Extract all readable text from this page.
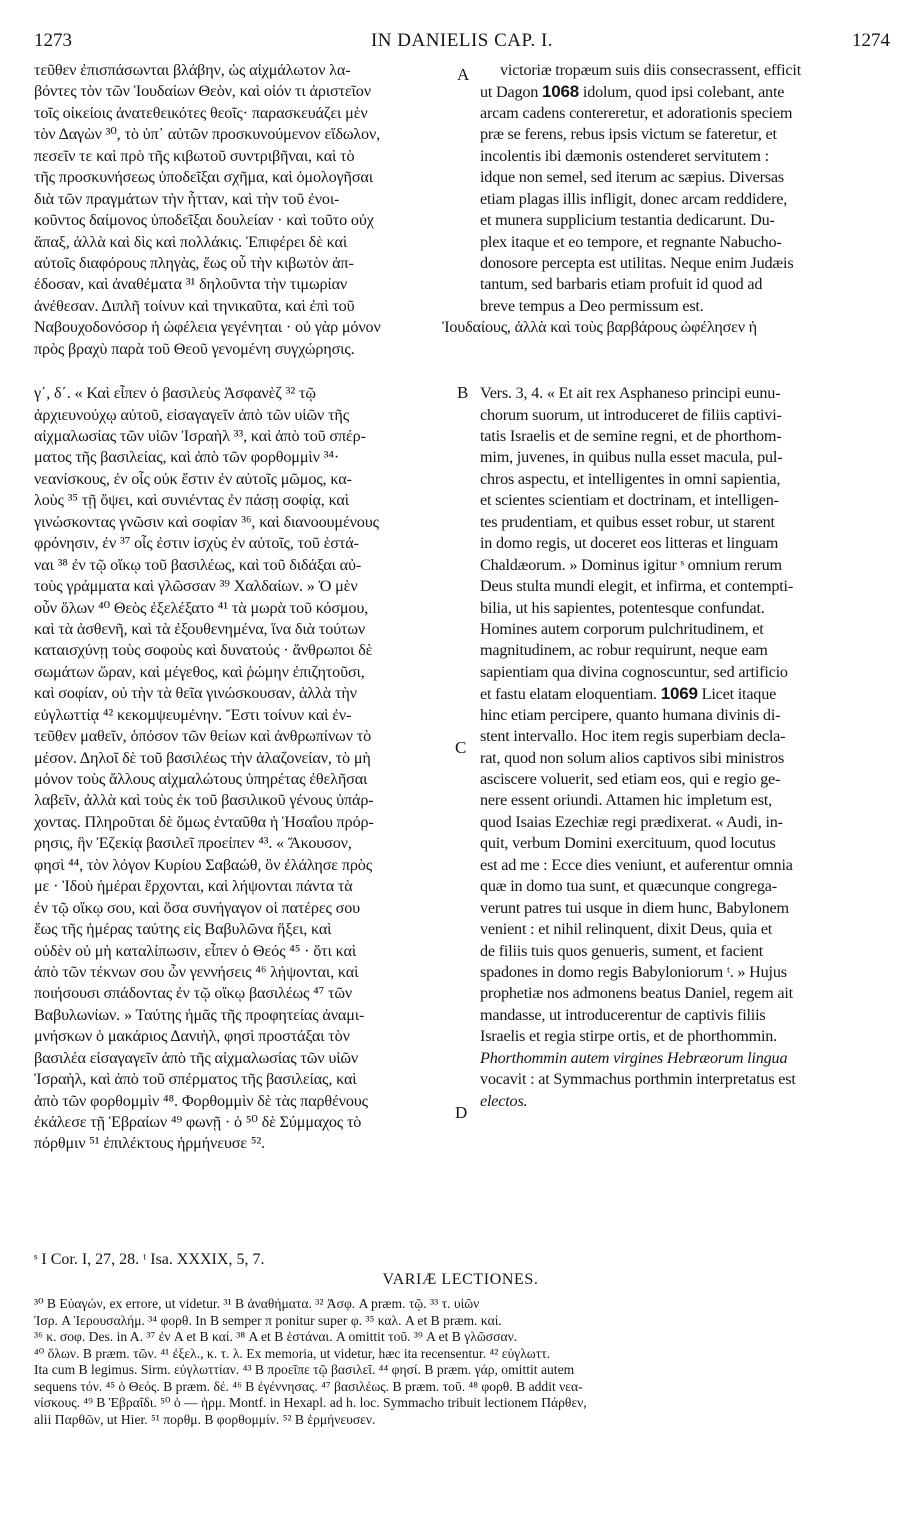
1273	IN DANIELIS CAP. I.	1274
τεῦθεν ἐπισπάσωνται βλάβην, ὡς αἰχμάλωτον λα-
βόντες τὸν τῶν Ἰουδαίων Θεὸν, καὶ οἱόν τι ἀριστεῖον
τοῖς οἰκείοις ἀνατεθεικότες θεοῖς· παρασκευάζει μὲν
τὸν Δαγὼν ³⁰, τὸ ὑπ᾽ αὐτῶν προσκυνούμενον εἴδωλον,
πεσεῖν τε καὶ πρὸ τῆς κιβωτοῦ συντριβῆναι, καὶ τὸ
τῆς προσκυνήσεως ὑποδεῖξαι σχῆμα, καὶ ὁμολογῆσαι
διὰ τῶν πραγμάτων τὴν ἧτταν, καὶ τὴν τοῦ ἐνοι-
κοῦντος δαίμονος ὑποδεῖξαι δουλείαν · καὶ τοῦτο οὐχ
ἅπαξ, ἀλλὰ καὶ δὶς καὶ πολλάκις. Ἐπιφέρει δὲ καὶ
αὐτοῖς διαφόρους πληγὰς, ἕως οὗ τὴν κιβωτὸν ἀπ-
έδοσαν, καὶ ἀναθέματα ³¹ δηλοῦντα τὴν τιμωρίαν
ἀνέθεσαν. Διπλῆ τοίνυν καὶ τηνικαῦτα, καὶ ἐπὶ τοῦ
Ναβουχοδονόσορ ἡ ὠφέλεια γεγένηται · οὐ γὰρ μόνον
πρὸς βραχὺ παρὰ τοῦ Θεοῦ γενομένη συγχώρησις.
γ΄, δ΄. « Καὶ εἶπεν ὁ βασιλεὺς Ἀσφανὲζ ³² τῷ
ἀρχιευνούχῳ αὐτοῦ, εἰσαγαγεῖν ἀπὸ τῶν υἱῶν τῆς
αἰχμαλωσίας τῶν υἱῶν Ἰσραὴλ ³³, καὶ ἀπὸ τοῦ σπέρ-
ματος τῆς βασιλείας, καὶ ἀπὸ τῶν φορθομμὶν ³⁴·
νεανίσκους, ἐν οἷς οὐκ ἔστιν ἐν αὐτοῖς μῶμος, κα-
λοὺς ³⁵ τῇ ὄψει, καὶ συνιέντας ἐν πάσῃ σοφίᾳ, καὶ
γινώσκοντας γνῶσιν καὶ σοφίαν ³⁶, καὶ διανοουμένους
φρόνησιν, ἐν ³⁷ οἷς ἐστιν ἰσχὺς ἐν αὐτοῖς, τοῦ ἑστά-
ναι ³⁸ ἐν τῷ οἴκῳ τοῦ βασιλέως, καὶ τοῦ διδάξαι αὐ-
τοὺς γράμματα καὶ γλῶσσαν ³⁹ Χαλδαίων. » Ὁ μὲν
οὖν ὅλων ⁴⁰ Θεὸς ἐξελέξατο ⁴¹ τὰ μωρὰ τοῦ κόσμου,
καὶ τὰ ἀσθενῆ, καὶ τὰ ἐξουθενημένα, ἵνα διὰ τούτων
καταισχύνῃ τοὺς σοφοὺς καὶ δυνατούς · ἄνθρωποι δὲ
σωμάτων ὥραν, καὶ μέγεθος, καὶ ῥώμην ἐπιζητοῦσι,
καὶ σοφίαν, οὐ τὴν τὰ θεῖα γινώσκουσαν, ἀλλὰ τὴν
εὐγλωττίᾳ ⁴² κεκομψευμένην. Ἔστι τοίνυν καὶ ἐν-
τεῦθεν μαθεῖν, ὁπόσον τῶν θείων καὶ ἀνθρωπίνων τὸ
μέσον. Δηλοῖ δὲ τοῦ βασιλέως τὴν ἀλαζονείαν, τὸ μὴ
μόνον τοὺς ἄλλους αἰχμαλώτους ὑπηρέτας ἐθελῆσαι
λαβεῖν, ἀλλὰ καὶ τοὺς ἐκ τοῦ βασιλικοῦ γένους ὑπάρ-
χοντας. Πληροῦται δὲ ὅμως ἐνταῦθα ἡ Ἡσαΐου πρόρ-
ρησις, ἣν Ἐζεκίᾳ βασιλεῖ προείπεν ⁴³. « Ἄκουσον,
φησὶ ⁴⁴, τὸν λόγον Κυρίου Σαβαώθ, ὃν ἐλάλησε πρὸς
με · Ἰδοὺ ἡμέραι ἔρχονται, καὶ λήψονται πάντα τὰ
ἐν τῷ οἴκῳ σου, καὶ ὅσα συνήγαγον οἱ πατέρες σου
ἕως τῆς ἡμέρας ταύτης εἰς Βαβυλῶνα ἥξει, καὶ
οὐδὲν οὐ μὴ καταλίπωσιν, εἶπεν ὁ Θεός ⁴⁵ · ὅτι καὶ
ἀπὸ τῶν τέκνων σου ὧν γεννήσεις ⁴⁶ λήψονται, καὶ
ποιήσουσι σπάδοντας ἐν τῷ οἴκῳ βασιλέως ⁴⁷ τῶν
Βαβυλωνίων. » Ταύτης ἡμᾶς τῆς προφητείας ἀναμι-
μνήσκων ὁ μακάριος Δανιὴλ, φησὶ προστάξαι τὸν
βασιλέα εἰσαγαγεῖν ἀπὸ τῆς αἰχμαλωσίας τῶν υἱῶν
Ἰσραὴλ, καὶ ἀπὸ τοῦ σπέρματος τῆς βασιλείας, καὶ
ἀπὸ τῶν φορθομμὶν ⁴⁸. Φορθομμὶν δὲ τὰς παρθένους
ἐκάλεσε τῇ Ἑβραίων ⁴⁹ φωνῇ · ὁ ⁵⁰ δὲ Σύμμαχος τὸ
πόρθμιν ⁵¹ ἐπιλέκτους ἡρμήνευσε ⁵².
A
B
C
D
victoriæ tropæum suis diis consecrassent, efficit
ut Dagon 1068 idolum, quod ipsi colebant, ante
arcam cadens contereretur, et adorationis speciem
præ se ferens, rebus ipsis victum se fateretur, et
incolentis ibi dæmonis ostenderet servitutem :
idque non semel, sed iterum ac sæpius. Diversas
etiam plagas illis infligit, donec arcam reddidere,
et munera supplicium testantia dedicarunt. Du-
plex itaque et eo tempore, et regnante Nabucho-
donosore percepta est utilitas. Neque enim Judæis
tantum, sed barbaris etiam profuit id quod ad
breve tempus a Deo permissum est.
Ἰουδαίους, ἀλλὰ καὶ τοὺς βαρβάρους ὠφέλησεν ἡ
Vers. 3, 4. « Et ait rex Asphaneso principi eunu-
chorum suorum, ut introduceret de filiis captivi-
tatis Israelis et de semine regni, et de phorthom-
mim, juvenes, in quibus nulla esset macula, pul-
chros aspectu, et intelligentes in omni sapientia,
et scientes scientiam et doctrinam, et intelligen-
tes prudentiam, et quibus esset robur, ut starent
in domo regis, ut doceret eos litteras et linguam
Chaldæorum. » Dominus igitur ˢ omnium rerum
Deus stulta mundi elegit, et infirma, et contempti-
bilia, ut his sapientes, potentesque confundat.
Homines autem corporum pulchritudinem, et
magnitudinem, ac robur requirunt, neque eam
sapientiam qua divina cognoscuntur, sed artificio
et fastu elatam eloquentiam. 1069 Licet itaque
hinc etiam percipere, quanto humana divinis di-
stent intervallo. Hoc item regis superbiam decla-
rat, quod non solum alios captivos sibi ministros
asciscere voluerit, sed etiam eos, qui e regio ge-
nere essent oriundi. Attamen hic impletum est,
quod Isaias Ezechiæ regi prædixerat. « Audi, in-
quit, verbum Domini exercituum, quod locutus
est ad me : Ecce dies veniunt, et auferentur omnia
quæ in domo tua sunt, et quæcunque congrega-
verunt patres tui usque in diem hunc, Babylonem
venient : et nihil relinquent, dixit Deus, quia et
de filiis tuis quos genueris, sument, et facient
spadones in domo regis Babyloniorum ᵗ. » Hujus
prophetiæ nos admonens beatus Daniel, regem ait
mandasse, ut introducerentur de captivis filiis
Israelis et regia stirpe ortis, et de phorthommin.
Phorthommin autem virgines Hebræorum lingua
vocavit : at Symmachus porthmin interpretatus est
electos.
ˢ I Cor. I, 27, 28. ᵗ Isa. XXXIX, 5, 7.
VARIÆ LECTIONES.
³⁰ B Εὐαγών, ex errore, ut videtur. ³¹ B ἀναθήματα. ³² Ἀσφ. A præm. τῷ. ³³ τ. υἱῶν
Ἰσρ. A Ἱερουσαλήμ. ³⁴ φορθ. In B semper π ponitur super φ. ³⁵ καλ. A et B præm. καί.
³⁶ κ. σοφ. Des. in A. ³⁷ ἐν A et B καί. ³⁸ A et B ἑστάναι. A omittit τοῦ. ³⁹ A et B γλῶσσαν.
⁴⁰ ὅλων. B præm. τῶν. ⁴¹ ἐξελ., κ. τ. λ. Ex memoria, ut videtur, hæc ita recensentur. ⁴² εὐγλωττ.
Ita cum B legimus. Sirm. εὐγλωττίαν. ⁴³ B προεῖπε τῷ βασιλεῖ. ⁴⁴ φησί. B præm. γάρ, omittit autem
sequens τόν. ⁴⁵ ὁ Θεός. B præm. δέ. ⁴⁶ B ἐγέννησας. ⁴⁷ βασιλέως. B præm. τοῦ. ⁴⁸ φορθ. B addit νεα-
νίσκους. ⁴⁹ B Ἑβραΐδι. ⁵⁰ ὁ — ἡρμ. Montf. in Hexapl. ad h. loc. Symmacho tribuit lectionem Πάρθεν,
alii Παρθῶν, ut Hier. ⁵¹ πορθμ. B φορθομμίν. ⁵² B ἑρμήνευσεν.
